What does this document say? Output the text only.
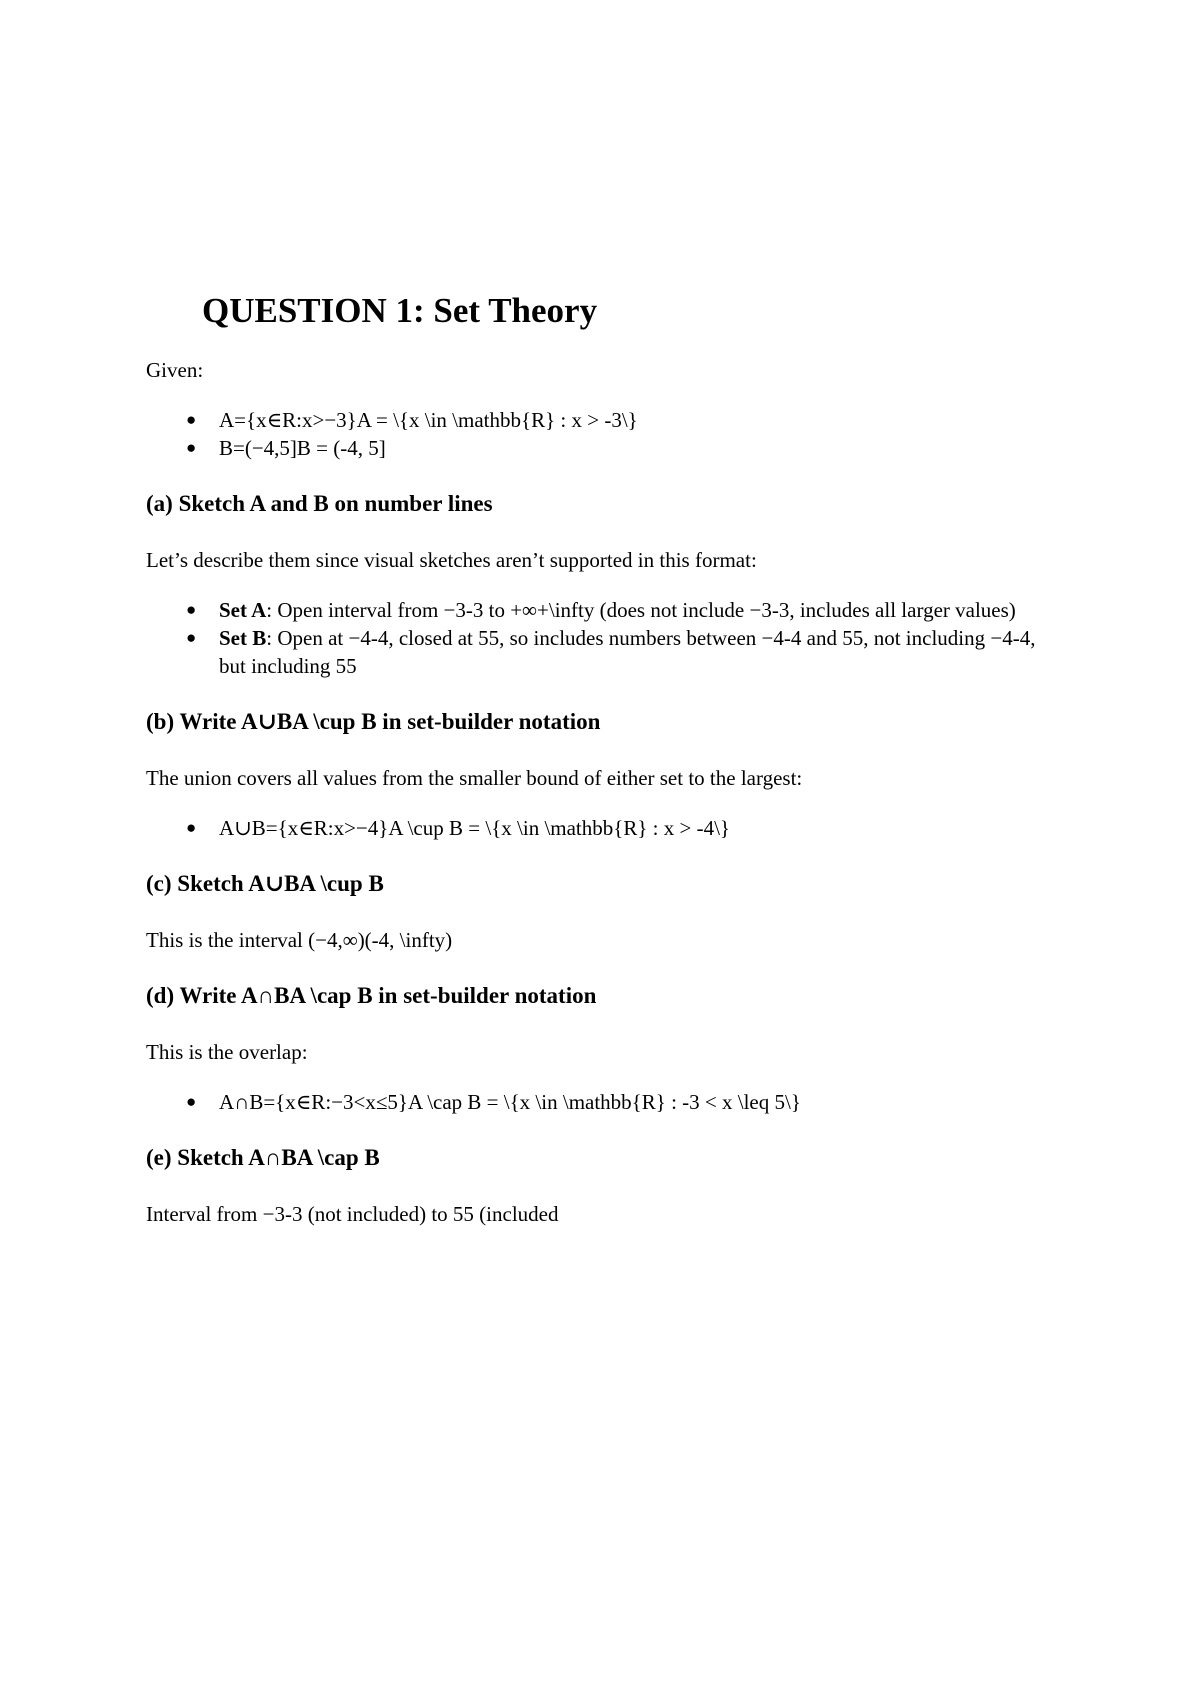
QUESTION 1: Set Theory

Given:

● A={x∈R:x>−3}A = \{x \in \mathbb{R} : x > -3\}
● B=(−4,5]B = (-4, 5]
(a) Sketch A and B on number lines

Let’s describe them since visual sketches aren’t supported in this format:

● Set A: Open interval from −3-3 to +∞+\infty (does not include −3-3, includes all larger values)
● Set B: Open at −4-4, closed at 55, so includes numbers between −4-4 and 55, not including −4-4, but including 55
(b) Write A∪BA \cup B in set-builder notation

The union covers all values from the smaller bound of either set to the largest:

● A∪B={x∈R:x>−4}A \cup B = \{x \in \mathbb{R} : x > -4\}
(c) Sketch A∪BA \cup B

This is the interval (−4,∞)(-4, \infty)

(d) Write A∩BA \cap B in set-builder notation

This is the overlap:

● A∩B={x∈R:−3<x≤5}A \cap B = \{x \in \mathbb{R} : -3 < x \leq 5\}
(e) Sketch A∩BA \cap B

Interval from −3-3 (not included) to 55 (included
